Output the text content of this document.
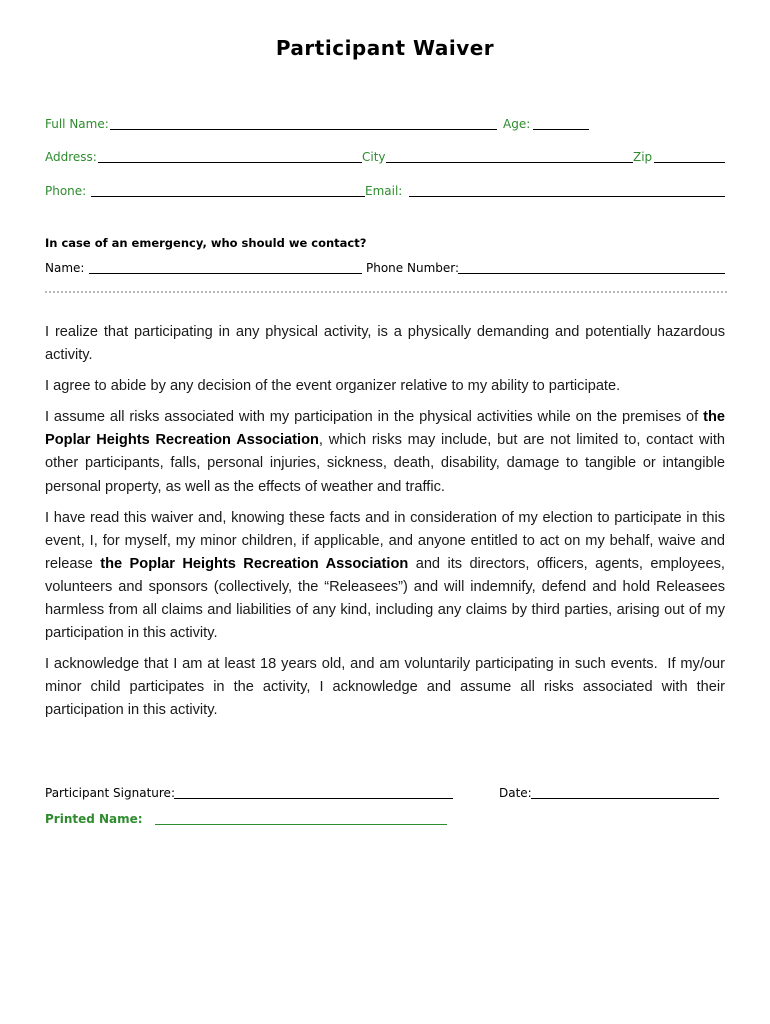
Participant Waiver
Full Name:	Age:
Address:	City	Zip
Phone:	Email:
In case of an emergency, who should we contact?
Name:	Phone Number:

I realize that participating in any physical activity, is a physically demanding and potentially hazardous activity.

I agree to abide by any decision of the event organizer relative to my ability to participate.

I assume all risks associated with my participation in the physical activities while on the premises of the Poplar Heights Recreation Association, which risks may include, but are not limited to, contact with other participants, falls, personal injuries, sickness, death, disability, damage to tangible or intangible personal property, as well as the effects of weather and traffic.

I have read this waiver and, knowing these facts and in consideration of my election to participate in this event, I, for myself, my minor children, if applicable, and anyone entitled to act on my behalf, waive and release the Poplar Heights Recreation Association and its directors, officers, agents, employees, volunteers and sponsors (collectively, the “Releasees”) and will indemnify, defend and hold Releasees harmless from all claims and liabilities of any kind, including any claims by third parties, arising out of my participation in this activity.

I acknowledge that I am at least 18 years old, and am voluntarily participating in such events.  If my/our minor child participates in the activity, I acknowledge and assume all risks associated with their participation in this activity.

Participant Signature:	Date:
Printed Name:
